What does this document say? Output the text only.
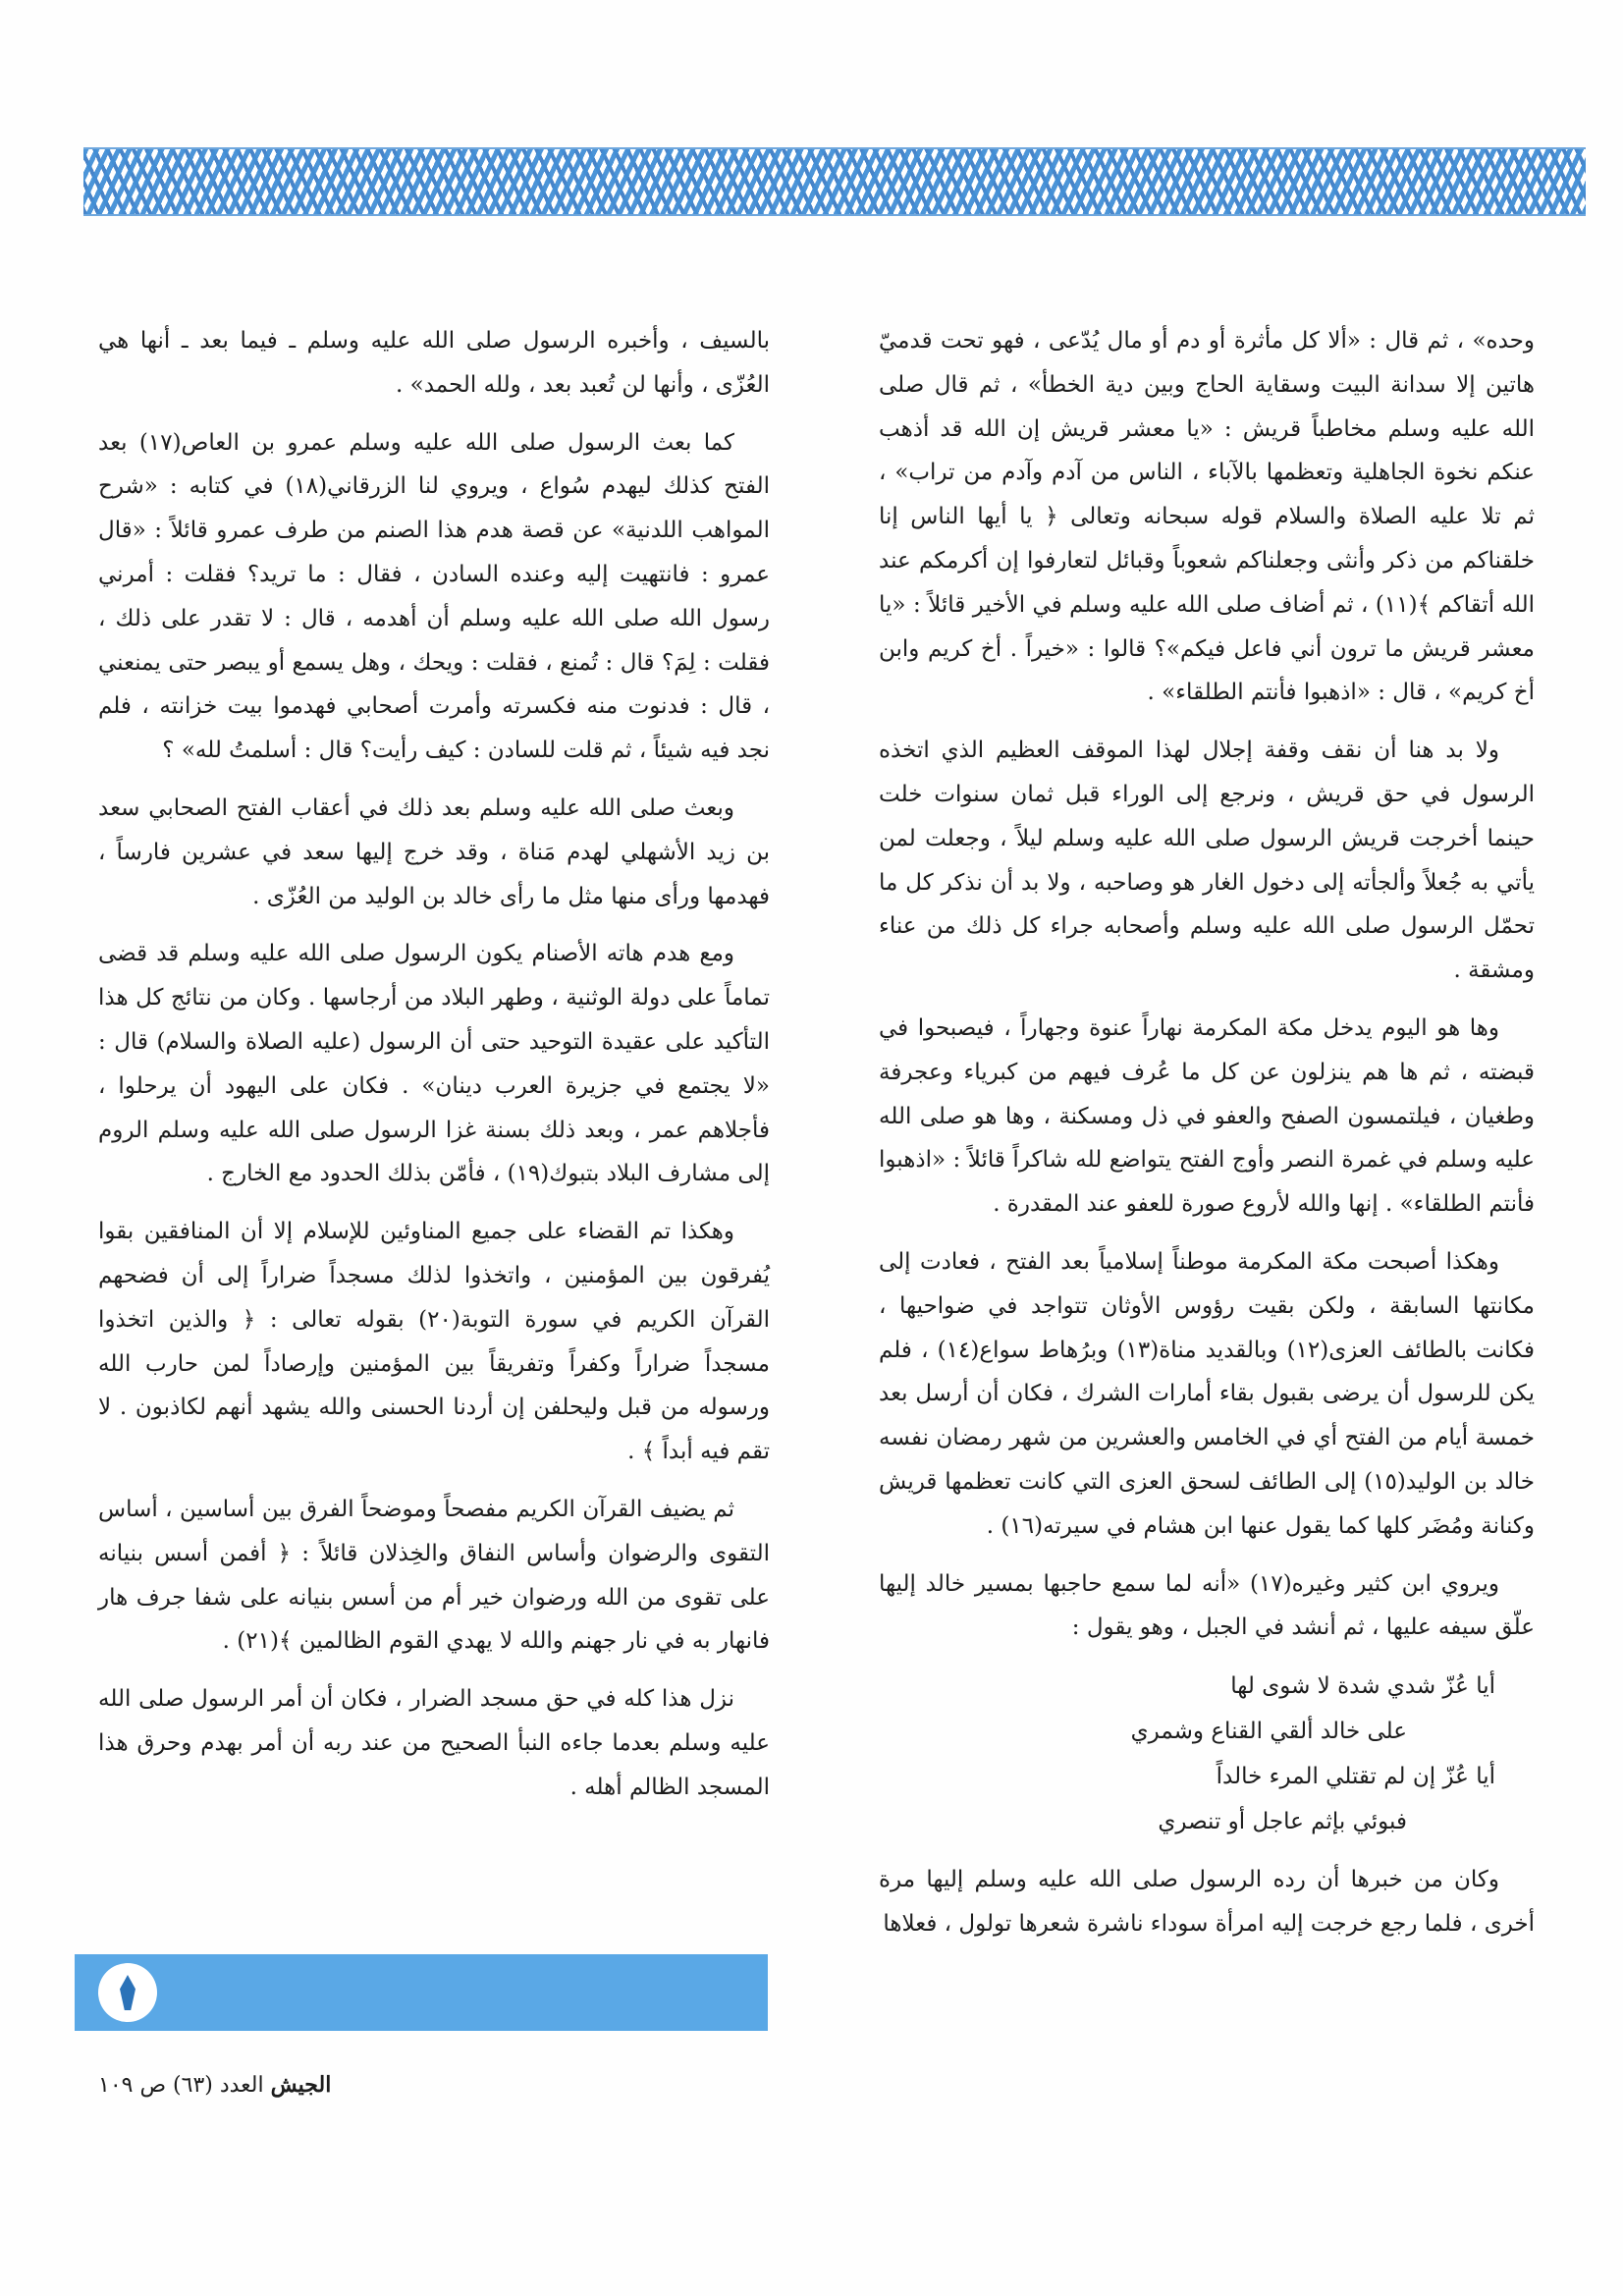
وحده» ، ثم قال : «ألا كل مأثرة أو دم أو مال يُدّعى ، فهو تحت قدميّ هاتين إلا سدانة البيت وسقاية الحاج وبين دية الخطأ» ، ثم قال صلى الله عليه وسلم مخاطباً قريش : «يا معشر قريش إن الله قد أذهب عنكم نخوة الجاهلية وتعظمها بالآباء ، الناس من آدم وآدم من تراب» ، ثم تلا عليه الصلاة والسلام قوله سبحانه وتعالى ﴿ يا أيها الناس إنا خلقناكم من ذكر وأنثى وجعلناكم شعوباً وقبائل لتعارفوا إن أكرمكم عند الله أتقاكم ﴾(١١) ، ثم أضاف صلى الله عليه وسلم في الأخير قائلاً : «يا معشر قريش ما ترون أني فاعل فيكم»؟ قالوا : «خيراً . أخ كريم وابن أخ كريم» ، قال : «اذهبوا فأنتم الطلقاء» .

ولا بد هنا أن نقف وقفة إجلال لهذا الموقف العظيم الذي اتخذه الرسول في حق قريش ، ونرجع إلى الوراء قبل ثمان سنوات خلت حينما أخرجت قريش الرسول صلى الله عليه وسلم ليلاً ، وجعلت لمن يأتي به جُعلاً وألجأته إلى دخول الغار هو وصاحبه ، ولا بد أن نذكر كل ما تحمّل الرسول صلى الله عليه وسلم وأصحابه جراء كل ذلك من عناء ومشقة .

وها هو اليوم يدخل مكة المكرمة نهاراً عنوة وجهاراً ، فيصبحوا في قبضته ، ثم ها هم ينزلون عن كل ما عُرف فيهم من كبرياء وعجرفة وطغيان ، فيلتمسون الصفح والعفو في ذل ومسكنة ، وها هو صلى الله عليه وسلم في غمرة النصر وأوج الفتح يتواضع لله شاكراً قائلاً : «اذهبوا فأنتم الطلقاء» . إنها والله لأروع صورة للعفو عند المقدرة .

وهكذا أصبحت مكة المكرمة موطناً إسلامياً بعد الفتح ، فعادت إلى مكانتها السابقة ، ولكن بقيت رؤوس الأوثان تتواجد في ضواحيها ، فكانت بالطائف العزى(١٢) وبالقديد مناة(١٣) وبرُهاط سواع(١٤) ، فلم يكن للرسول أن يرضى بقبول بقاء أمارات الشرك ، فكان أن أرسل بعد خمسة أيام من الفتح أي في الخامس والعشرين من شهر رمضان نفسه خالد بن الوليد(١٥) إلى الطائف لسحق العزى التي كانت تعظمها قريش وكنانة ومُضَر كلها كما يقول عنها ابن هشام في سيرته(١٦) .

ويروي ابن كثير وغيره(١٧) «أنه لما سمع حاجبها بمسير خالد إليها علّق سيفه عليها ، ثم أنشد في الجبل ، وهو يقول :

أيا عُزّ شدي شدة لا شوى لها
على خالد ألقي القناع وشمري
أيا عُزّ إن لم تقتلي المرء خالداً
فبوئي بإثم عاجل أو تنصري

وكان من خبرها أن رده الرسول صلى الله عليه وسلم إليها مرة أخرى ، فلما رجع خرجت إليه امرأة سوداء ناشرة شعرها تولول ، فعلاها

بالسيف ، وأخبره الرسول صلى الله عليه وسلم ـ فيما بعد ـ أنها هي العُزّى ، وأنها لن تُعبد بعد ، ولله الحمد» .

كما بعث الرسول صلى الله عليه وسلم عمرو بن العاص(١٧) بعد الفتح كذلك ليهدم سُواع ، ويروي لنا الزرقاني(١٨) في كتابه : «شرح المواهب اللدنية» عن قصة هدم هذا الصنم من طرف عمرو قائلاً : «قال عمرو : فانتهيت إليه وعنده السادن ، فقال : ما تريد؟ فقلت : أمرني رسول الله صلى الله عليه وسلم أن أهدمه ، قال : لا تقدر على ذلك ، فقلت : لِمَ؟ قال : تُمنع ، فقلت : ويحك ، وهل يسمع أو يبصر حتى يمنعني ، قال : فدنوت منه فكسرته وأمرت أصحابي فهدموا بيت خزانته ، فلم نجد فيه شيئاً ، ثم قلت للسادن : كيف رأيت؟ قال : أسلمتُ لله» ؟

وبعث صلى الله عليه وسلم بعد ذلك في أعقاب الفتح الصحابي سعد بن زيد الأشهلي لهدم مَناة ، وقد خرج إليها سعد في عشرين فارساً ، فهدمها ورأى منها مثل ما رأى خالد بن الوليد من العُزّى .

ومع هدم هاته الأصنام يكون الرسول صلى الله عليه وسلم قد قضى تماماً على دولة الوثنية ، وطهر البلاد من أرجاسها . وكان من نتائج كل هذا التأكيد على عقيدة التوحيد حتى أن الرسول (عليه الصلاة والسلام) قال : «لا يجتمع في جزيرة العرب دينان» . فكان على اليهود أن يرحلوا ، فأجلاهم عمر ، وبعد ذلك بسنة غزا الرسول صلى الله عليه وسلم الروم إلى مشارف البلاد بتبوك(١٩) ، فأمّن بذلك الحدود مع الخارج .

وهكذا تم القضاء على جميع المناوئين للإسلام إلا أن المنافقين بقوا يُفرقون بين المؤمنين ، واتخذوا لذلك مسجداً ضراراً إلى أن فضحهم القرآن الكريم في سورة التوبة(٢٠) بقوله تعالى : ﴿ والذين اتخذوا مسجداً ضراراً وكفراً وتفريقاً بين المؤمنين وإرصاداً لمن حارب الله ورسوله من قبل وليحلفن إن أردنا الحسنى والله يشهد أنهم لكاذبون . لا تقم فيه أبداً ﴾ .

ثم يضيف القرآن الكريم مفصحاً وموضحاً الفرق بين أساسين ، أساس التقوى والرضوان وأساس النفاق والخِذلان قائلاً : ﴿ أفمن أسس بنيانه على تقوى من الله ورضوان خير أم من أسس بنيانه على شفا جرف هار فانهار به في نار جهنم والله لا يهدي القوم الظالمين ﴾(٢١) .

نزل هذا كله في حق مسجد الضرار ، فكان أن أمر الرسول صلى الله عليه وسلم بعدما جاءه النبأ الصحيح من عند ربه أن أمر بهدم وحرق هذا المسجد الظالم أهله .

الجيش العدد (٦٣) ص ١٠٩
